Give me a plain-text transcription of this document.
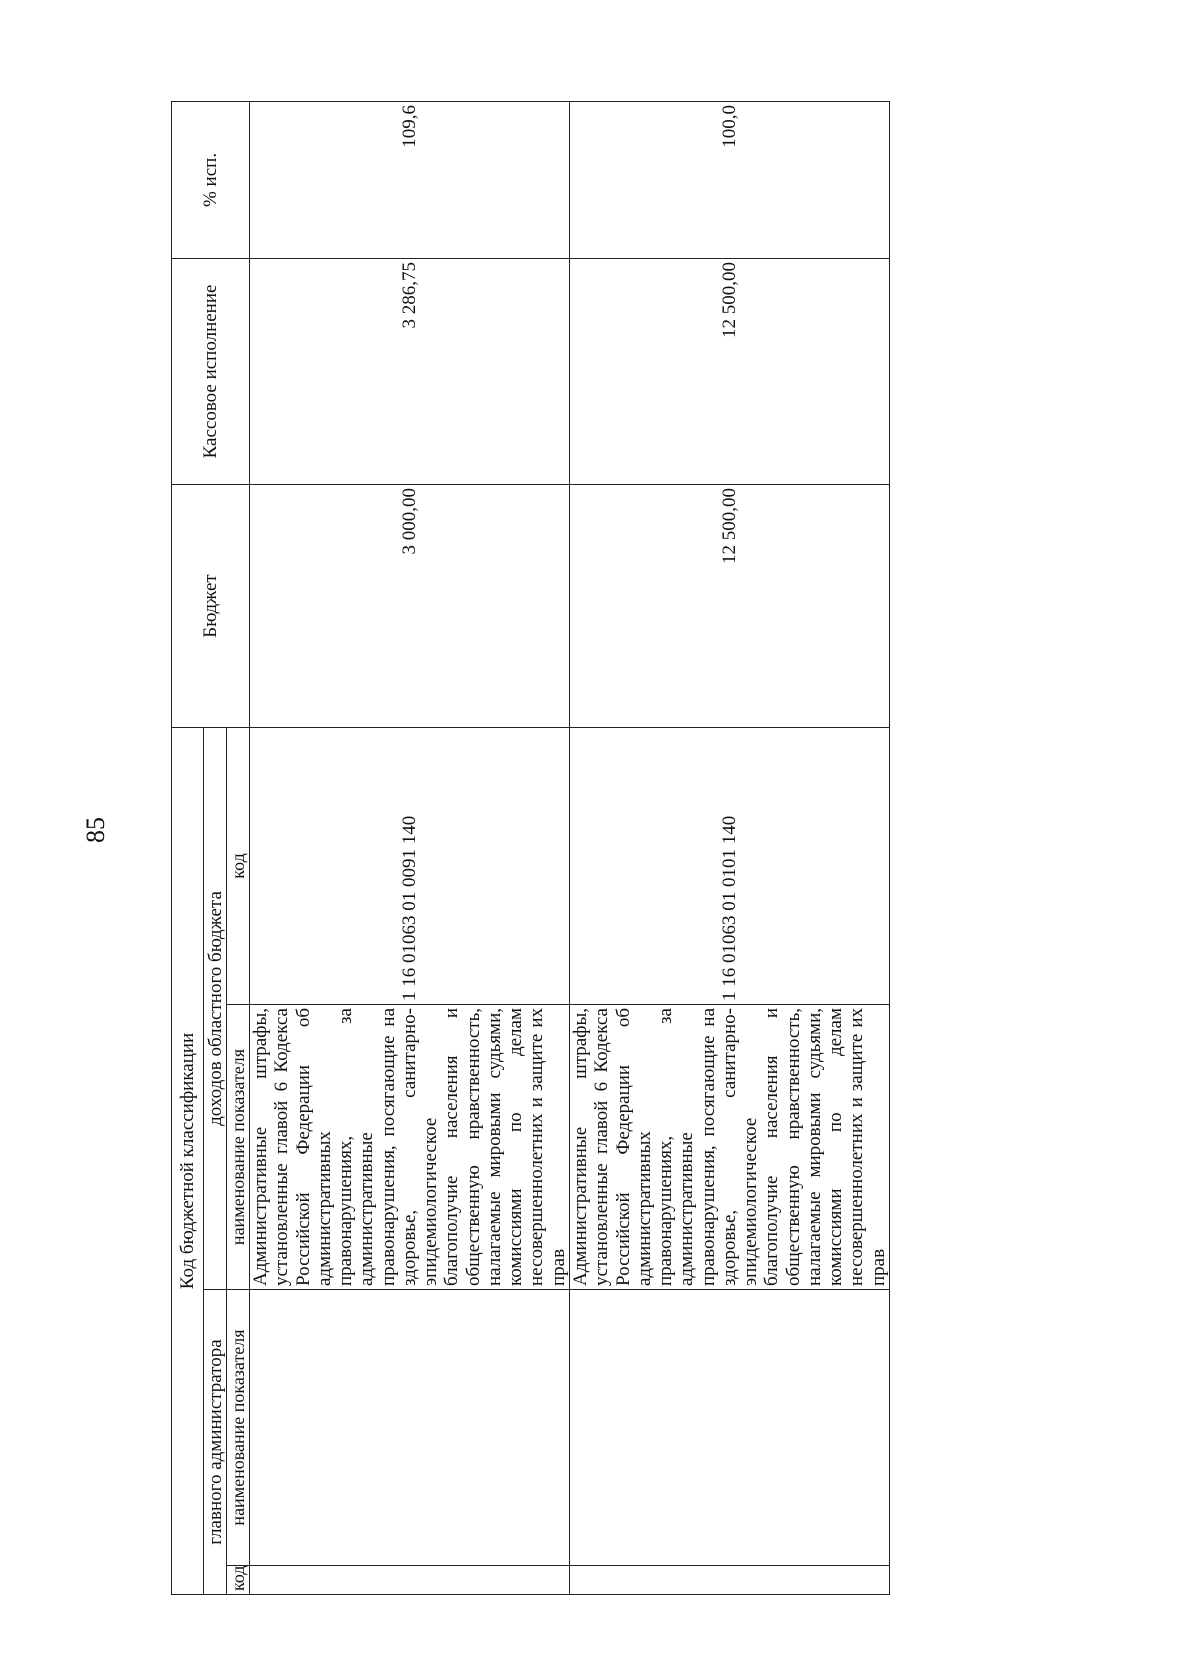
85
Код бюджетной классификации				Бюджет	Кассовое исполнение	% исп.
главного администратора		доходов областного бюджета				
код	наименование показателя	наименование показателя	код			
		Административные штрафы, установленные главой 6 Кодекса Российской Федерации об административных правонарушениях, за административные правонарушения, посягающие на здоровье, санитарно-эпидемиологическое благополучие населения и общественную нравственность, налагаемые мировыми судьями, комиссиями по делам несовершеннолетних и защите их прав	1 16 01063 01 0091 140	3 000,00	3 286,75	109,6
		Административные штрафы, установленные главой 6 Кодекса Российской Федерации об административных правонарушениях, за административные правонарушения, посягающие на здоровье, санитарно-эпидемиологическое благополучие населения и общественную нравственность, налагаемые мировыми судьями, комиссиями по делам несовершеннолетних и защите их прав	1 16 01063 01 0101 140	12 500,00	12 500,00	100,0
